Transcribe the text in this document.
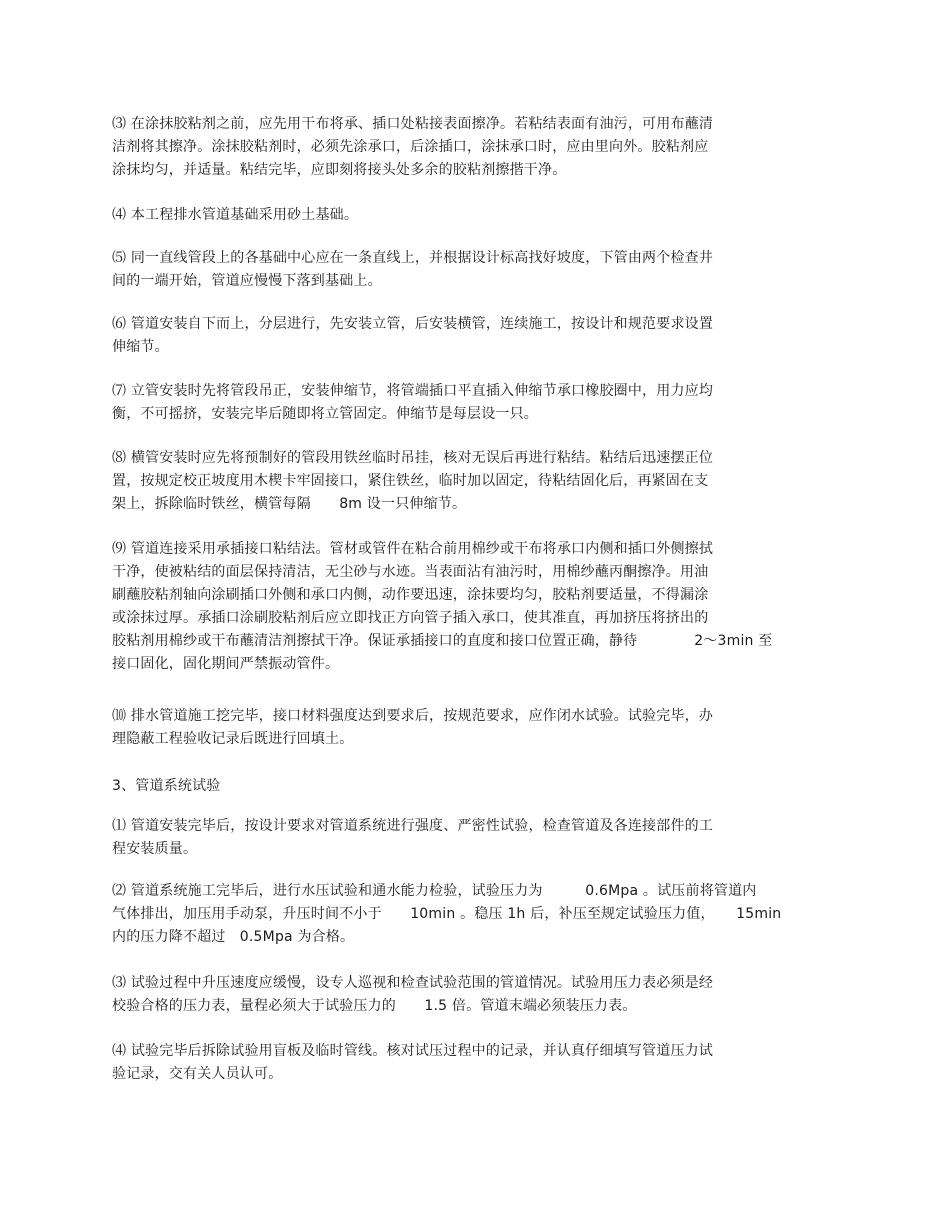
⑶ 在涂抹胶粘剂之前，应先用干布将承、插口处粘接表面擦净。若粘结表面有油污，可用布蘸清
洁剂将其擦净。涂抹胶粘剂时，必须先涂承口，后涂插口，涂抹承口时，应由里向外。胶粘剂应
涂抹均匀，并适量。粘结完毕，应即刻将接头处多余的胶粘剂擦揩干净。
⑷ 本工程排水管道基础采用砂土基础。
⑸ 同一直线管段上的各基础中心应在一条直线上，并根据设计标高找好坡度，下管由两个检查井
间的一端开始，管道应慢慢下落到基础上。
⑹ 管道安装自下而上，分层进行，先安装立管，后安装横管，连续施工，按设计和规范要求设置
伸缩节。
⑺ 立管安装时先将管段吊正，安装伸缩节，将管端插口平直插入伸缩节承口橡胶圈中，用力应均
衡，不可摇挤，安装完毕后随即将立管固定。伸缩节是每层设一只。
⑻ 横管安装时应先将预制好的管段用铁丝临时吊挂，核对无误后再进行粘结。粘结后迅速摆正位
置，按规定校正坡度用木楔卡牢固接口，紧住铁丝，临时加以固定，待粘结固化后，再紧固在支
架上，拆除临时铁丝，横管每隔　　8m 设一只伸缩节。
⑼ 管道连接采用承插接口粘结法。管材或管件在粘合前用棉纱或干布将承口内侧和插口外侧擦拭
干净，使被粘结的面层保持清洁，无尘砂与水迹。当表面沾有油污时，用棉纱蘸丙酮擦净。用油
刷蘸胶粘剂轴向涂刷插口外侧和承口内侧，动作要迅速，涂抹要均匀，胶粘剂要适量，不得漏涂
或涂抹过厚。承插口涂刷胶粘剂后应立即找正方向管子插入承口，使其准直，再加挤压将挤出的
胶粘剂用棉纱或干布蘸清洁剂擦拭干净。保证承插接口的直度和接口位置正确，静待　　　　2～3min 至
接口固化，固化期间严禁振动管件。
⑽ 排水管道施工挖完毕，接口材料强度达到要求后，按规范要求，应作闭水试验。试验完毕，办
理隐蔽工程验收记录后既进行回填土。
3、管道系统试验
⑴ 管道安装完毕后，按设计要求对管道系统进行强度、严密性试验，检查管道及各连接部件的工
程安装质量。
⑵ 管道系统施工完毕后，进行水压试验和通水能力检验，试验压力为　　　0.6Mpa 。试压前将管道内
气体排出，加压用手动泵，升压时间不小于　　10min 。稳压 1h 后，补压至规定试验压力值，　　15min
内的压力降不超过　0.5Mpa 为合格。
⑶ 试验过程中升压速度应缓慢，设专人巡视和检查试验范围的管道情况。试验用压力表必须是经
校验合格的压力表，量程必须大于试验压力的　　1.5 倍。管道末端必须装压力表。
⑷ 试验完毕后拆除试验用盲板及临时管线。核对试压过程中的记录，并认真仔细填写管道压力试
验记录，交有关人员认可。
